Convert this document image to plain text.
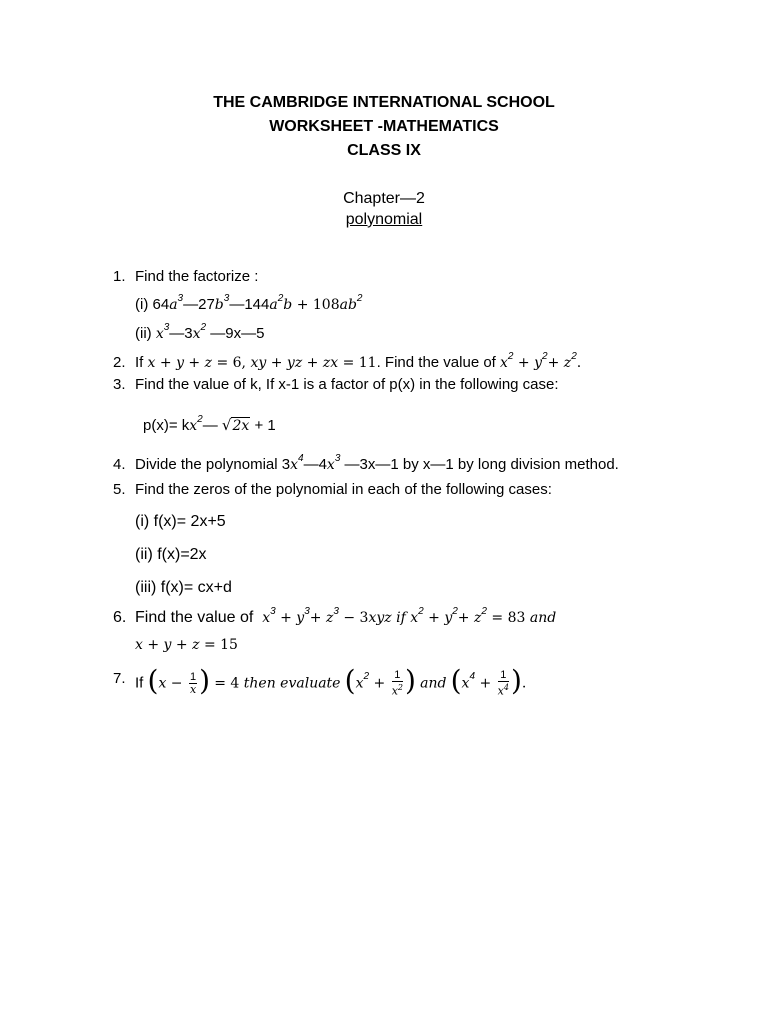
THE CAMBRIDGE INTERNATIONAL SCHOOL
WORKSHEET -MATHEMATICS
CLASS IX
Chapter—2
polynomial
1. Find the factorize :
(i) $64a^3—27b^3—144a^2b + 108ab^2$
(ii) $x^3—3x^2$ —9x—5
2. If x + y + z = 6, xy + yz + zx = 11. Find the value of $x^2 + y^2+ z^2$.
3. Find the value of k, If x-1 is a factor of p(x) in the following case:
$p(x)= kx^2—$ √2x + 1
4. Divide the polynomial $3x^4—4x^3$ —3x—1 by x—1 by long division method.
5. Find the zeros of the polynomial in each of the following cases:
(i) f(x)= 2x+5
(ii) f(x)=2x
(iii) f(x)= cx+d
6. Find the value of $x^3 + y^3+ z^3 - 3xyz$ if $x^2 + y^2+ z^2 = 83$ and
x + y + z = 15
7. If ($x - \frac{1}{x}$ ) = 4 then evaluate ($x^2 + \frac{1}{x^2}$ ) and ($x^4 + \frac{1}{x^4}$ ).
